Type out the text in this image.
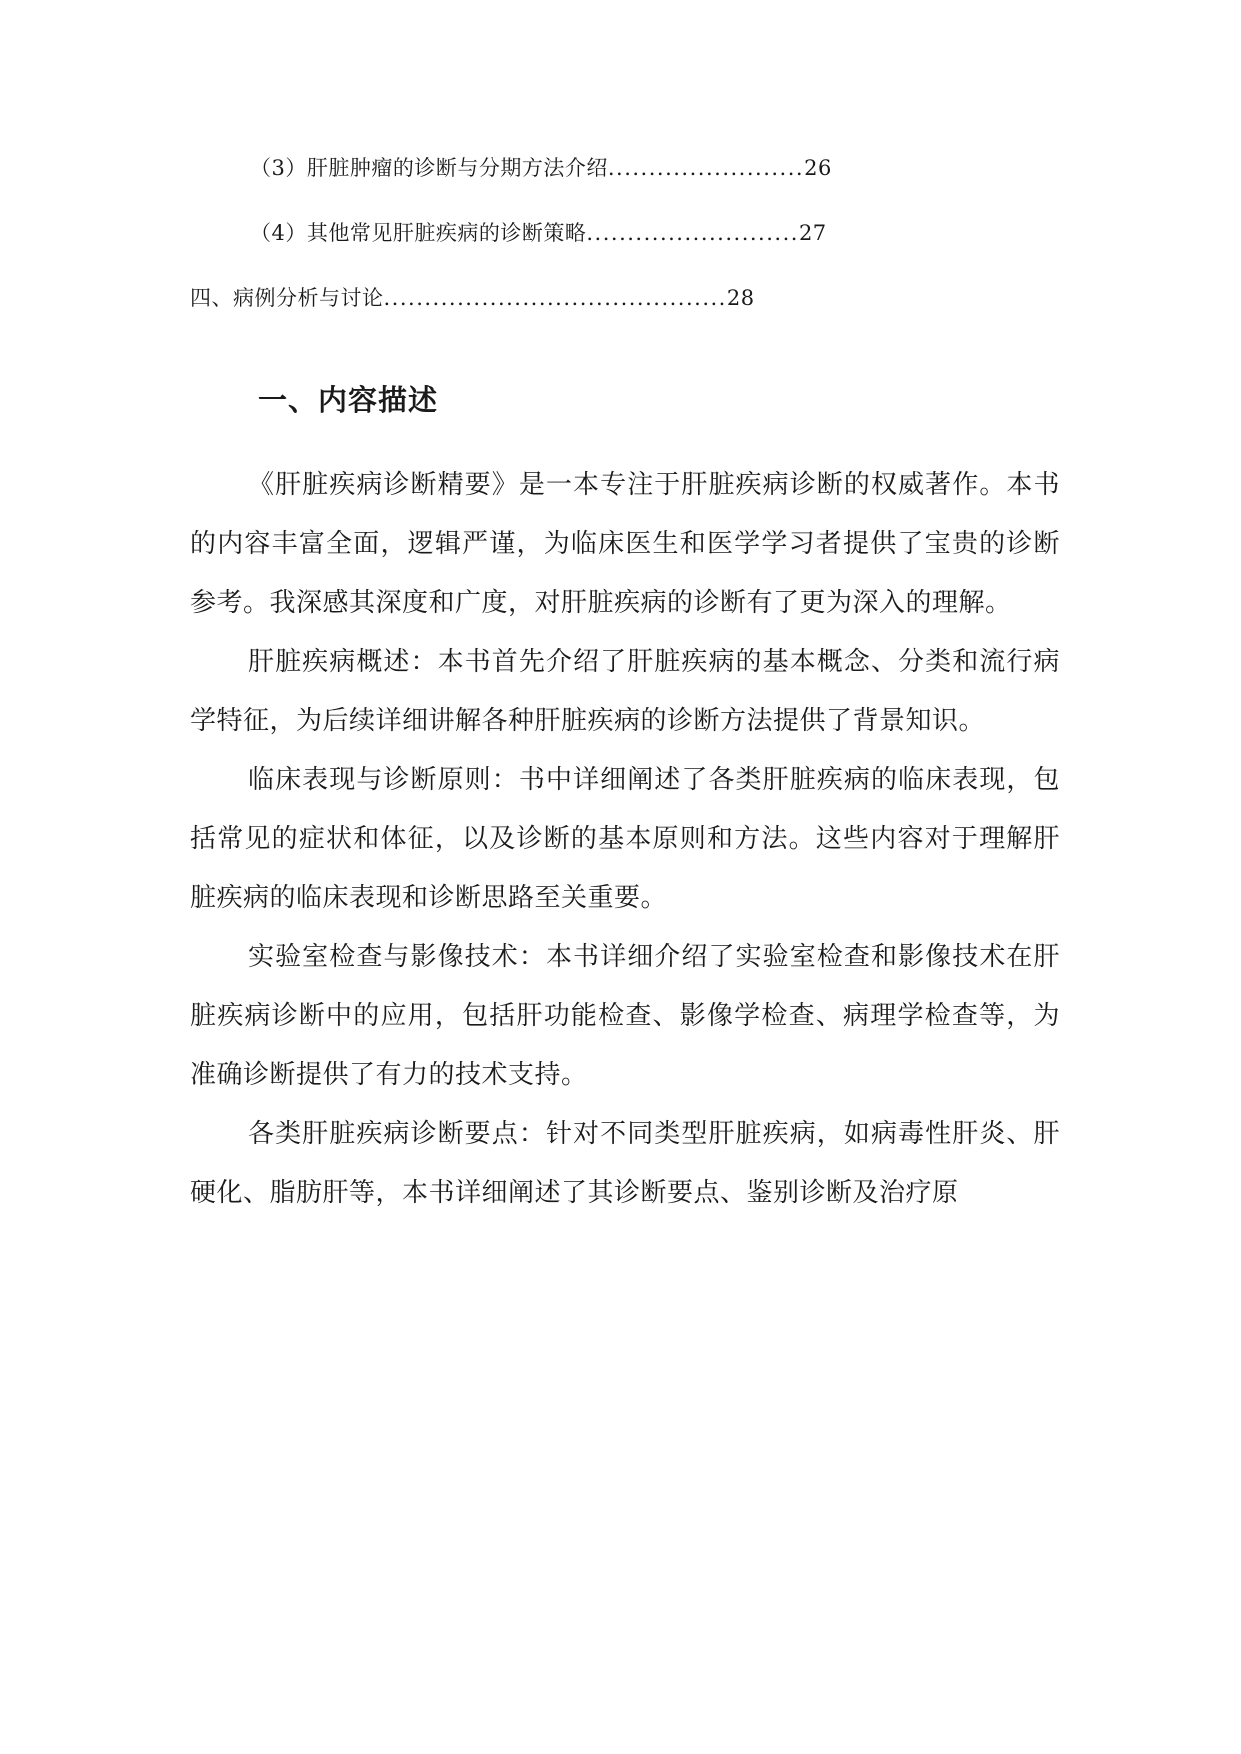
（3）肝脏肿瘤的诊断与分期方法介绍........................26
（4）其他常见肝脏疾病的诊断策略..........................27
四、病例分析与讨论..........................................28
一、内容描述

《肝脏疾病诊断精要》是一本专注于肝脏疾病诊断的权威著作。本书的内容丰富全面，逻辑严谨，为临床医生和医学学习者提供了宝贵的诊断参考。我深感其深度和广度，对肝脏疾病的诊断有了更为深入的理解。

肝脏疾病概述：本书首先介绍了肝脏疾病的基本概念、分类和流行病学特征，为后续详细讲解各种肝脏疾病的诊断方法提供了背景知识。

临床表现与诊断原则：书中详细阐述了各类肝脏疾病的临床表现，包括常见的症状和体征，以及诊断的基本原则和方法。这些内容对于理解肝脏疾病的临床表现和诊断思路至关重要。

实验室检查与影像技术：本书详细介绍了实验室检查和影像技术在肝脏疾病诊断中的应用，包括肝功能检查、影像学检查、病理学检查等，为准确诊断提供了有力的技术支持。

各类肝脏疾病诊断要点：针对不同类型肝脏疾病，如病毒性肝炎、肝硬化、脂肪肝等，本书详细阐述了其诊断要点、鉴别诊断及治疗原
